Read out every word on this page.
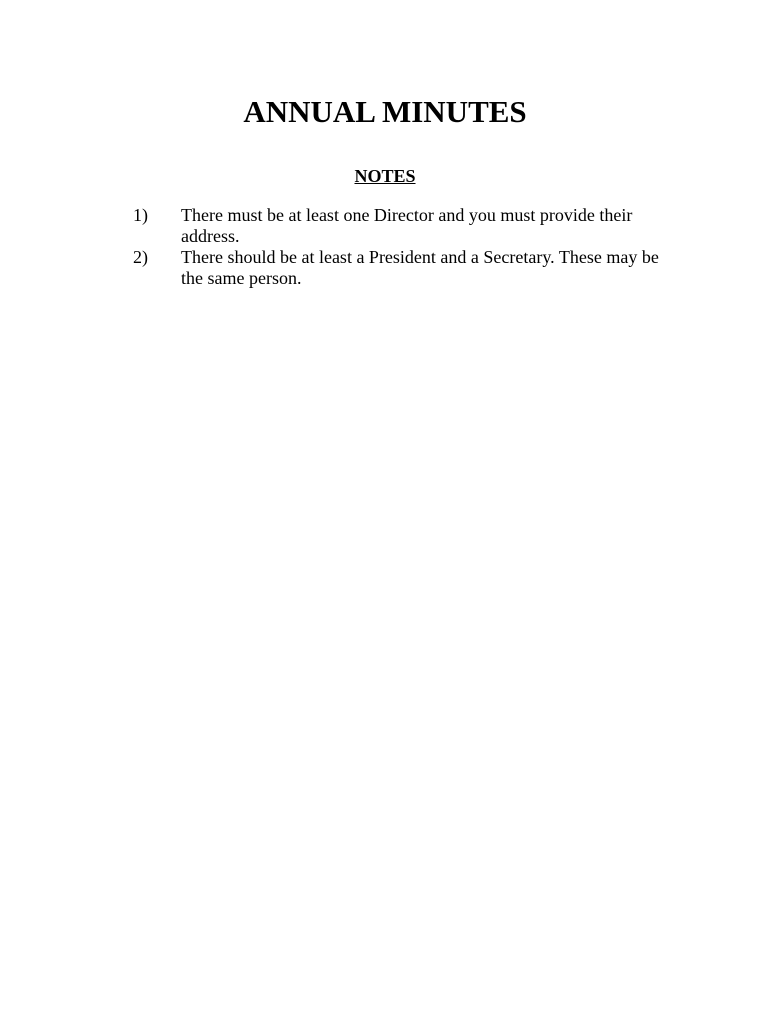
ANNUAL MINUTES
NOTES
1) There must be at least one Director and you must provide their address.
2) There should be at least a President and a Secretary. These may be the same person.
